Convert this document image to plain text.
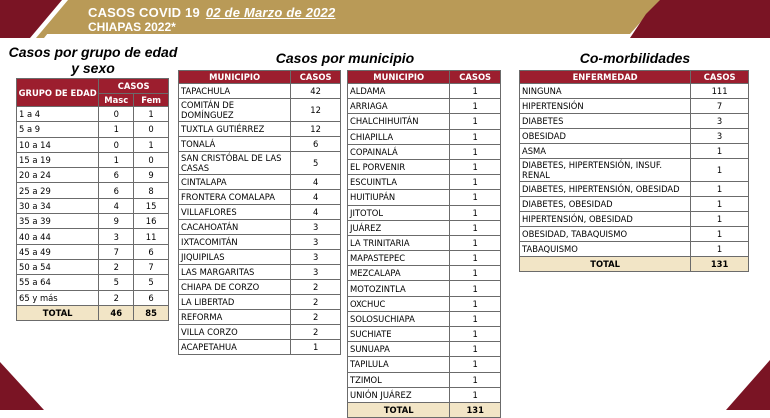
CASOS COVID 19 02 de Marzo de 2022
CHIAPAS 2022*
Casos por grupo de edad y sexo
Casos por municipio	Co-morbilidades
GRUPO DE EDAD	CASOS	
	Masc	Fem
1 a 4	0	1
5 a 9	1	0
10 a 14	0	1
15 a 19	1	0
20 a 24	6	9
25 a 29	6	8
30 a 34	4	15
35 a 39	9	16
40 a 44	3	11
45 a 49	7	6
50 a 54	2	7
55 a 64	5	5
65 y más	2	6
TOTAL	46	85
MUNICIPIO	CASOS
TAPACHULA	42
COMITÁN DE DOMÍNGUEZ	12
TUXTLA GUTIÉRREZ	12
TONALÁ	6
SAN CRISTÓBAL DE LAS CASAS	5
CINTALAPA	4
FRONTERA COMALAPA	4
VILLAFLORES	4
CACAHOATÁN	3
IXTACOMITÁN	3
JIQUIPILAS	3
LAS MARGARITAS	3
CHIAPA DE CORZO	2
LA LIBERTAD	2
REFORMA	2
VILLA CORZO	2
ACAPETAHUA	1
MUNICIPIO	CASOS
ALDAMA	1
ARRIAGA	1
CHALCHIHUITÁN	1
CHIAPILLA	1
COPAINALÁ	1
EL PORVENIR	1
ESCUINTLA	1
HUITIUPÁN	1
JITOTOL	1
JUÁREZ	1
LA TRINITARIA	1
MAPASTEPEC	1
MEZCALAPA	1
MOTOZINTLA	1
OXCHUC	1
SOLOSUCHIAPA	1
SUCHIATE	1
SUNUAPA	1
TAPILULA	1
TZIMOL	1
UNIÓN JUÁREZ	1
TOTAL	131
ENFERMEDAD	CASOS
NINGUNA	111
HIPERTENSIÓN	7
DIABETES	3
OBESIDAD	3
ASMA	1
DIABETES, HIPERTENSIÓN, INSUF. RENAL	1
DIABETES, HIPERTENSIÓN, OBESIDAD	1
DIABETES, OBESIDAD	1
HIPERTENSIÓN, OBESIDAD	1
OBESIDAD, TABAQUISMO	1
TABAQUISMO	1
TOTAL	131
